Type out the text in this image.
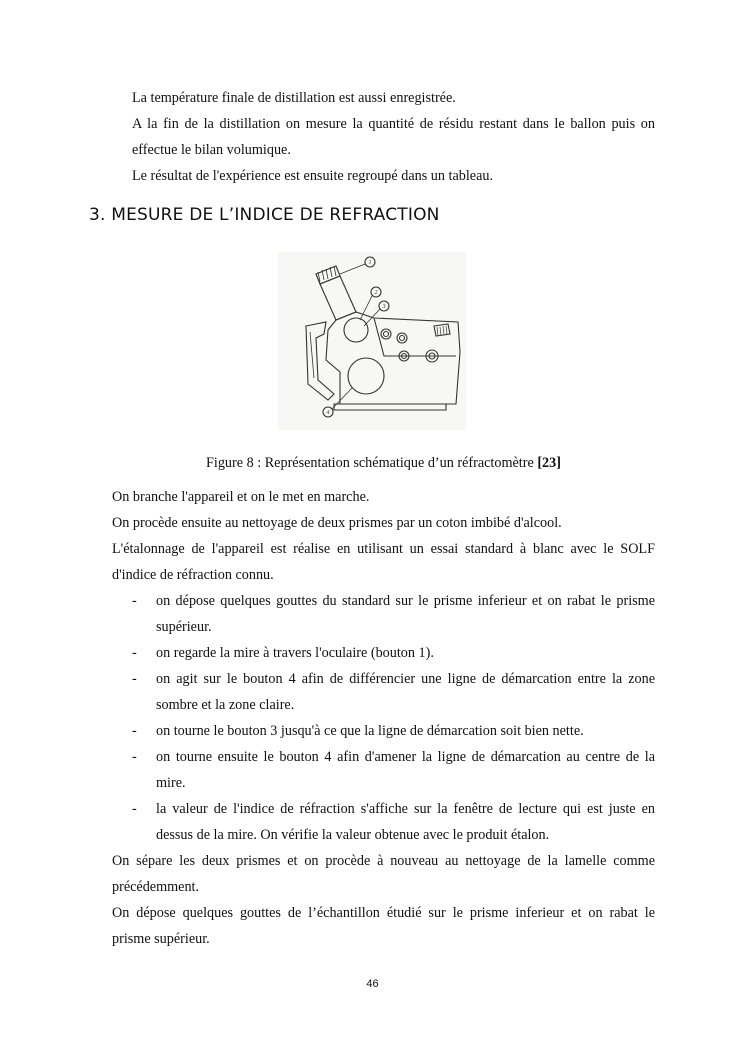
La température finale de distillation est aussi enregistrée.
A la fin de la distillation on mesure la quantité de résidu restant dans le ballon puis on
effectue le bilan volumique.
Le résultat de l'expérience est ensuite regroupé dans un tableau.
3. MESURE DE L’INDICE DE REFRACTION
1
2
3
4
Figure 8 : Représentation schématique d’un réfractomètre [23]
On branche l'appareil et on le met en marche.
On procède ensuite au nettoyage de deux prismes par un coton imbibé d'alcool.
L'étalonnage de l'appareil est réalise en utilisant un essai standard à blanc avec le SOLF
d'indice de réfraction connu.
- on dépose quelques gouttes du standard sur le prisme inferieur et on rabat le prisme
supérieur.
- on regarde la mire à travers l'oculaire (bouton 1).
- on agit sur le bouton 4 afin de différencier une ligne de démarcation entre la zone
sombre et la zone claire.
- on tourne le bouton 3 jusqu'à ce que la ligne de démarcation soit bien nette.
- on tourne ensuite le bouton 4 afin d'amener la ligne de démarcation au centre de la
mire.
- la valeur de l'indice de réfraction s'affiche sur la fenêtre de lecture qui est juste en
dessus de la mire. On vérifie la valeur obtenue avec le produit étalon.
On sépare les deux prismes et on procède à nouveau au nettoyage de la lamelle comme
précédemment.
On dépose quelques gouttes de l’échantillon étudié sur le prisme inferieur et on rabat le
prisme supérieur.
46
